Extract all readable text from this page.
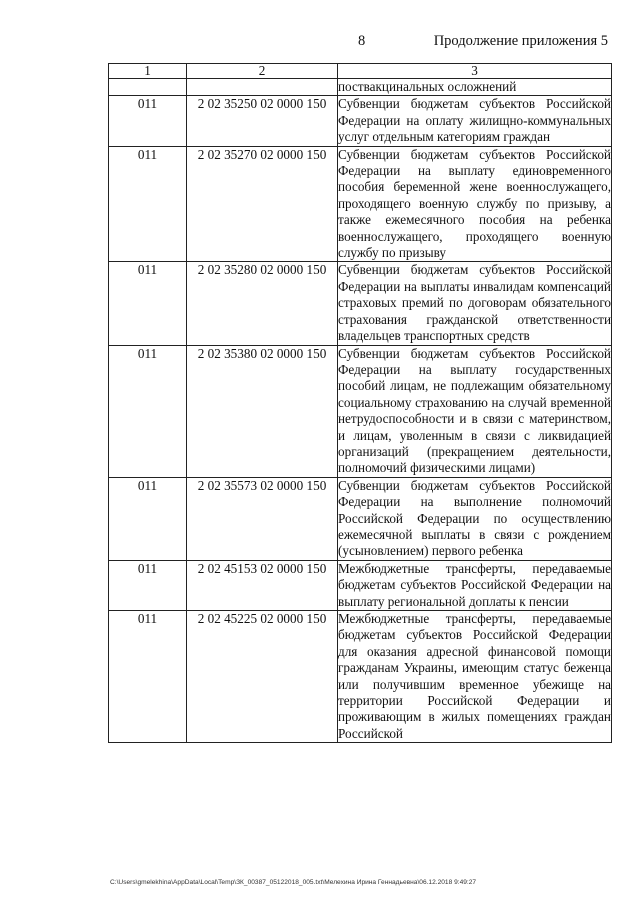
8	Продолжение приложения 5
1	2	3
		поствакцинальных осложнений
011	2 02 35250 02 0000 150	Субвенции бюджетам субъектов Российской Федерации на оплату жилищно-коммунальных услуг отдельным категориям граждан
011	2 02 35270 02 0000 150	Субвенции бюджетам субъектов Российской Федерации на выплату единовременного пособия беременной жене военнослужащего, проходящего военную службу по призыву, а также ежемесячного пособия на ребенка военнослужащего, проходящего военную службу по призыву
011	2 02 35280 02 0000 150	Субвенции бюджетам субъектов Российской Федерации на выплаты инвалидам компенсаций страховых премий по договорам обязательного страхования гражданской ответственности владельцев транспортных средств
011	2 02 35380 02 0000 150	Субвенции бюджетам субъектов Российской Федерации на выплату государственных пособий лицам, не подлежащим обязательному социальному страхованию на случай временной нетрудоспособности и в связи с материнством, и лицам, уволенным в связи с ликвидацией организаций (прекращением деятельности, полномочий физическими лицами)
011	2 02 35573 02 0000 150	Субвенции бюджетам субъектов Российской Федерации на выполнение полномочий Российской Федерации по осуществлению ежемесячной выплаты в связи с рождением (усыновлением) первого ребенка
011	2 02 45153 02 0000 150	Межбюджетные трансферты, передаваемые бюджетам субъектов Российской Федерации на выплату региональной доплаты к пенсии
011	2 02 45225 02 0000 150	Межбюджетные трансферты, передаваемые бюджетам субъектов Российской Федерации для оказания адресной финансовой помощи гражданам Украины, имеющим статус беженца или получившим временное убежище на территории Российской Федерации и проживающим в жилых помещениях граждан Российской
C:\Users\gmelekhina\AppData\Local\Temp\ЗК_00387_05122018_005.txt\Мелехина Ирина Геннадьевна\06.12.2018 9:49:27
